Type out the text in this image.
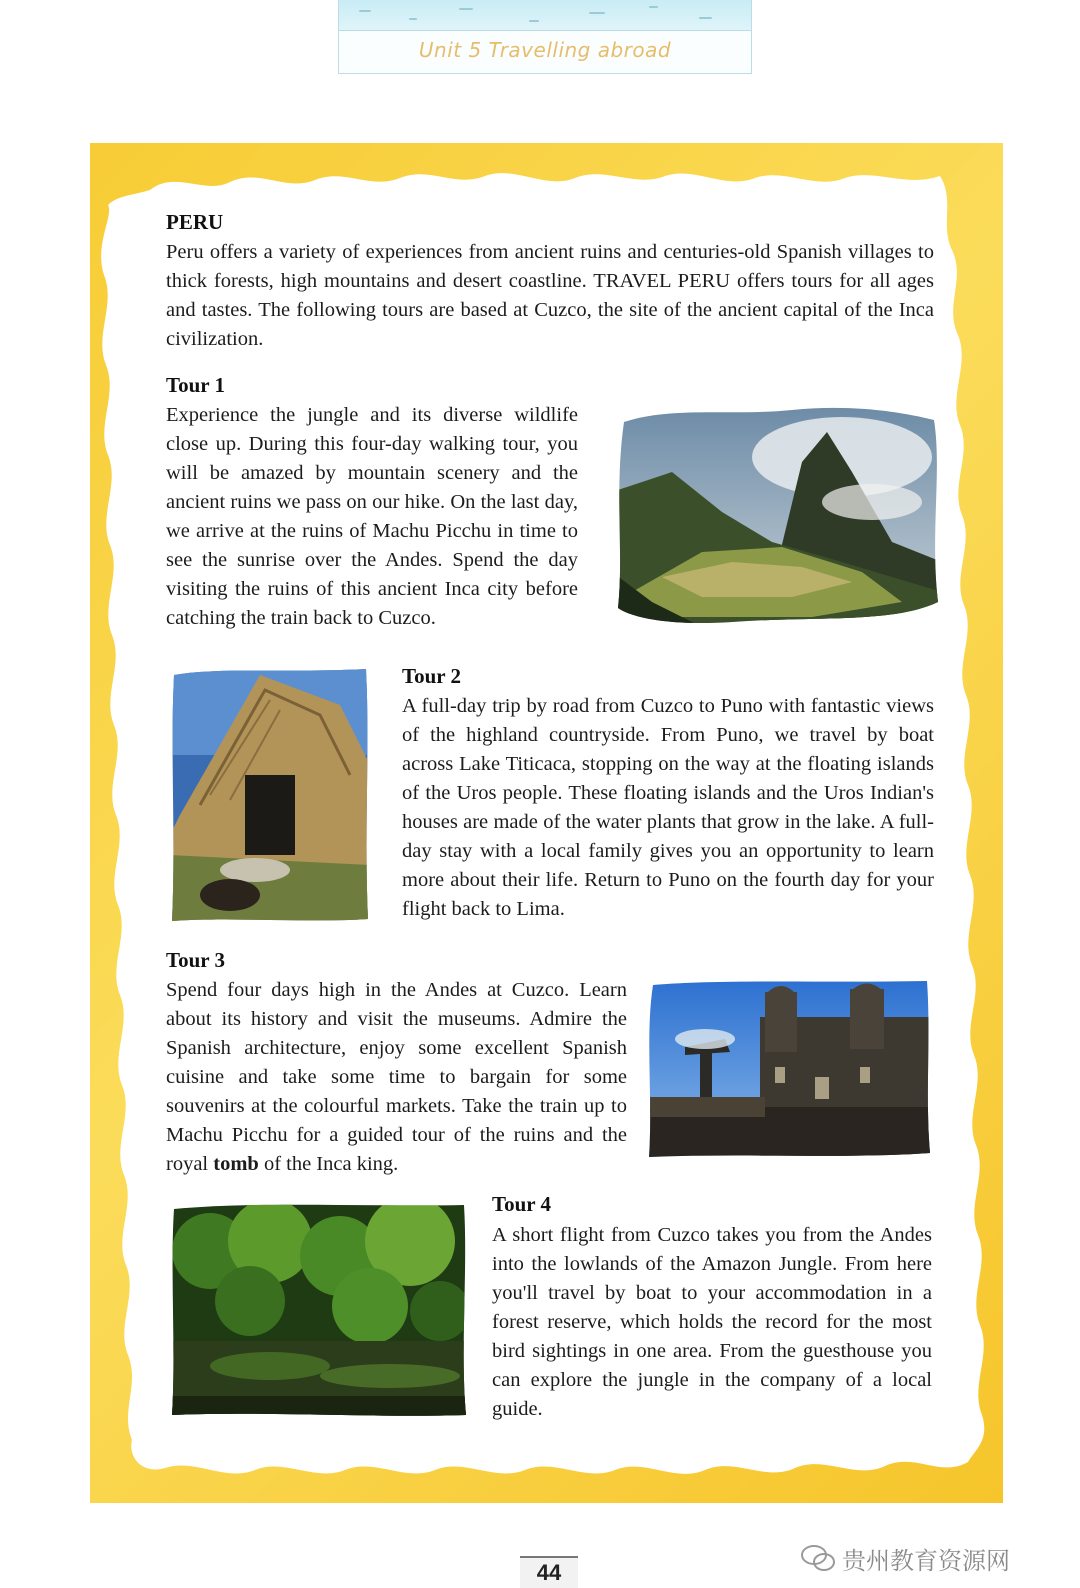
Unit 5 Travelling abroad
PERU
Peru offers a variety of experiences from ancient ruins and centuries-old Spanish villages to thick forests, high mountains and desert coastline. TRAVEL PERU offers tours for all ages and tastes. The following tours are based at Cuzco, the site of the ancient capital of the Inca civilization.
Tour 1
Experience the jungle and its diverse wildlife close up. During this four-day walking tour, you will be amazed by mountain scenery and the ancient ruins we pass on our hike. On the last day, we arrive at the ruins of Machu Picchu in time to see the sunrise over the Andes. Spend the day visiting the ruins of this ancient Inca city before catching the train back to Cuzco.
Tour 2
A full-day trip by road from Cuzco to Puno with fantastic views of the highland countryside. From Puno, we travel by boat across Lake Titicaca, stopping on the way at the floating islands of the Uros people. These floating islands and the Uros Indian's houses are made of the water plants that grow in the lake. A full-day stay with a local family gives you an opportunity to learn more about their life. Return to Puno on the fourth day for your flight back to Lima.
Tour 3
Spend four days high in the Andes at Cuzco. Learn about its history and visit the museums. Admire the Spanish architecture, enjoy some excellent Spanish cuisine and take some time to bargain for some souvenirs at the colourful markets. Take the train up to Machu Picchu for a guided tour of the ruins and the royal tomb of the Inca king.
Tour 4
A short flight from Cuzco takes you from the Andes into the lowlands of the Amazon Jungle. From here you'll travel by boat to your accommodation in a forest reserve, which holds the record for the most bird sightings in one area. From the guesthouse you can explore the jungle in the company of a local guide.
44	贵州教育资源网
